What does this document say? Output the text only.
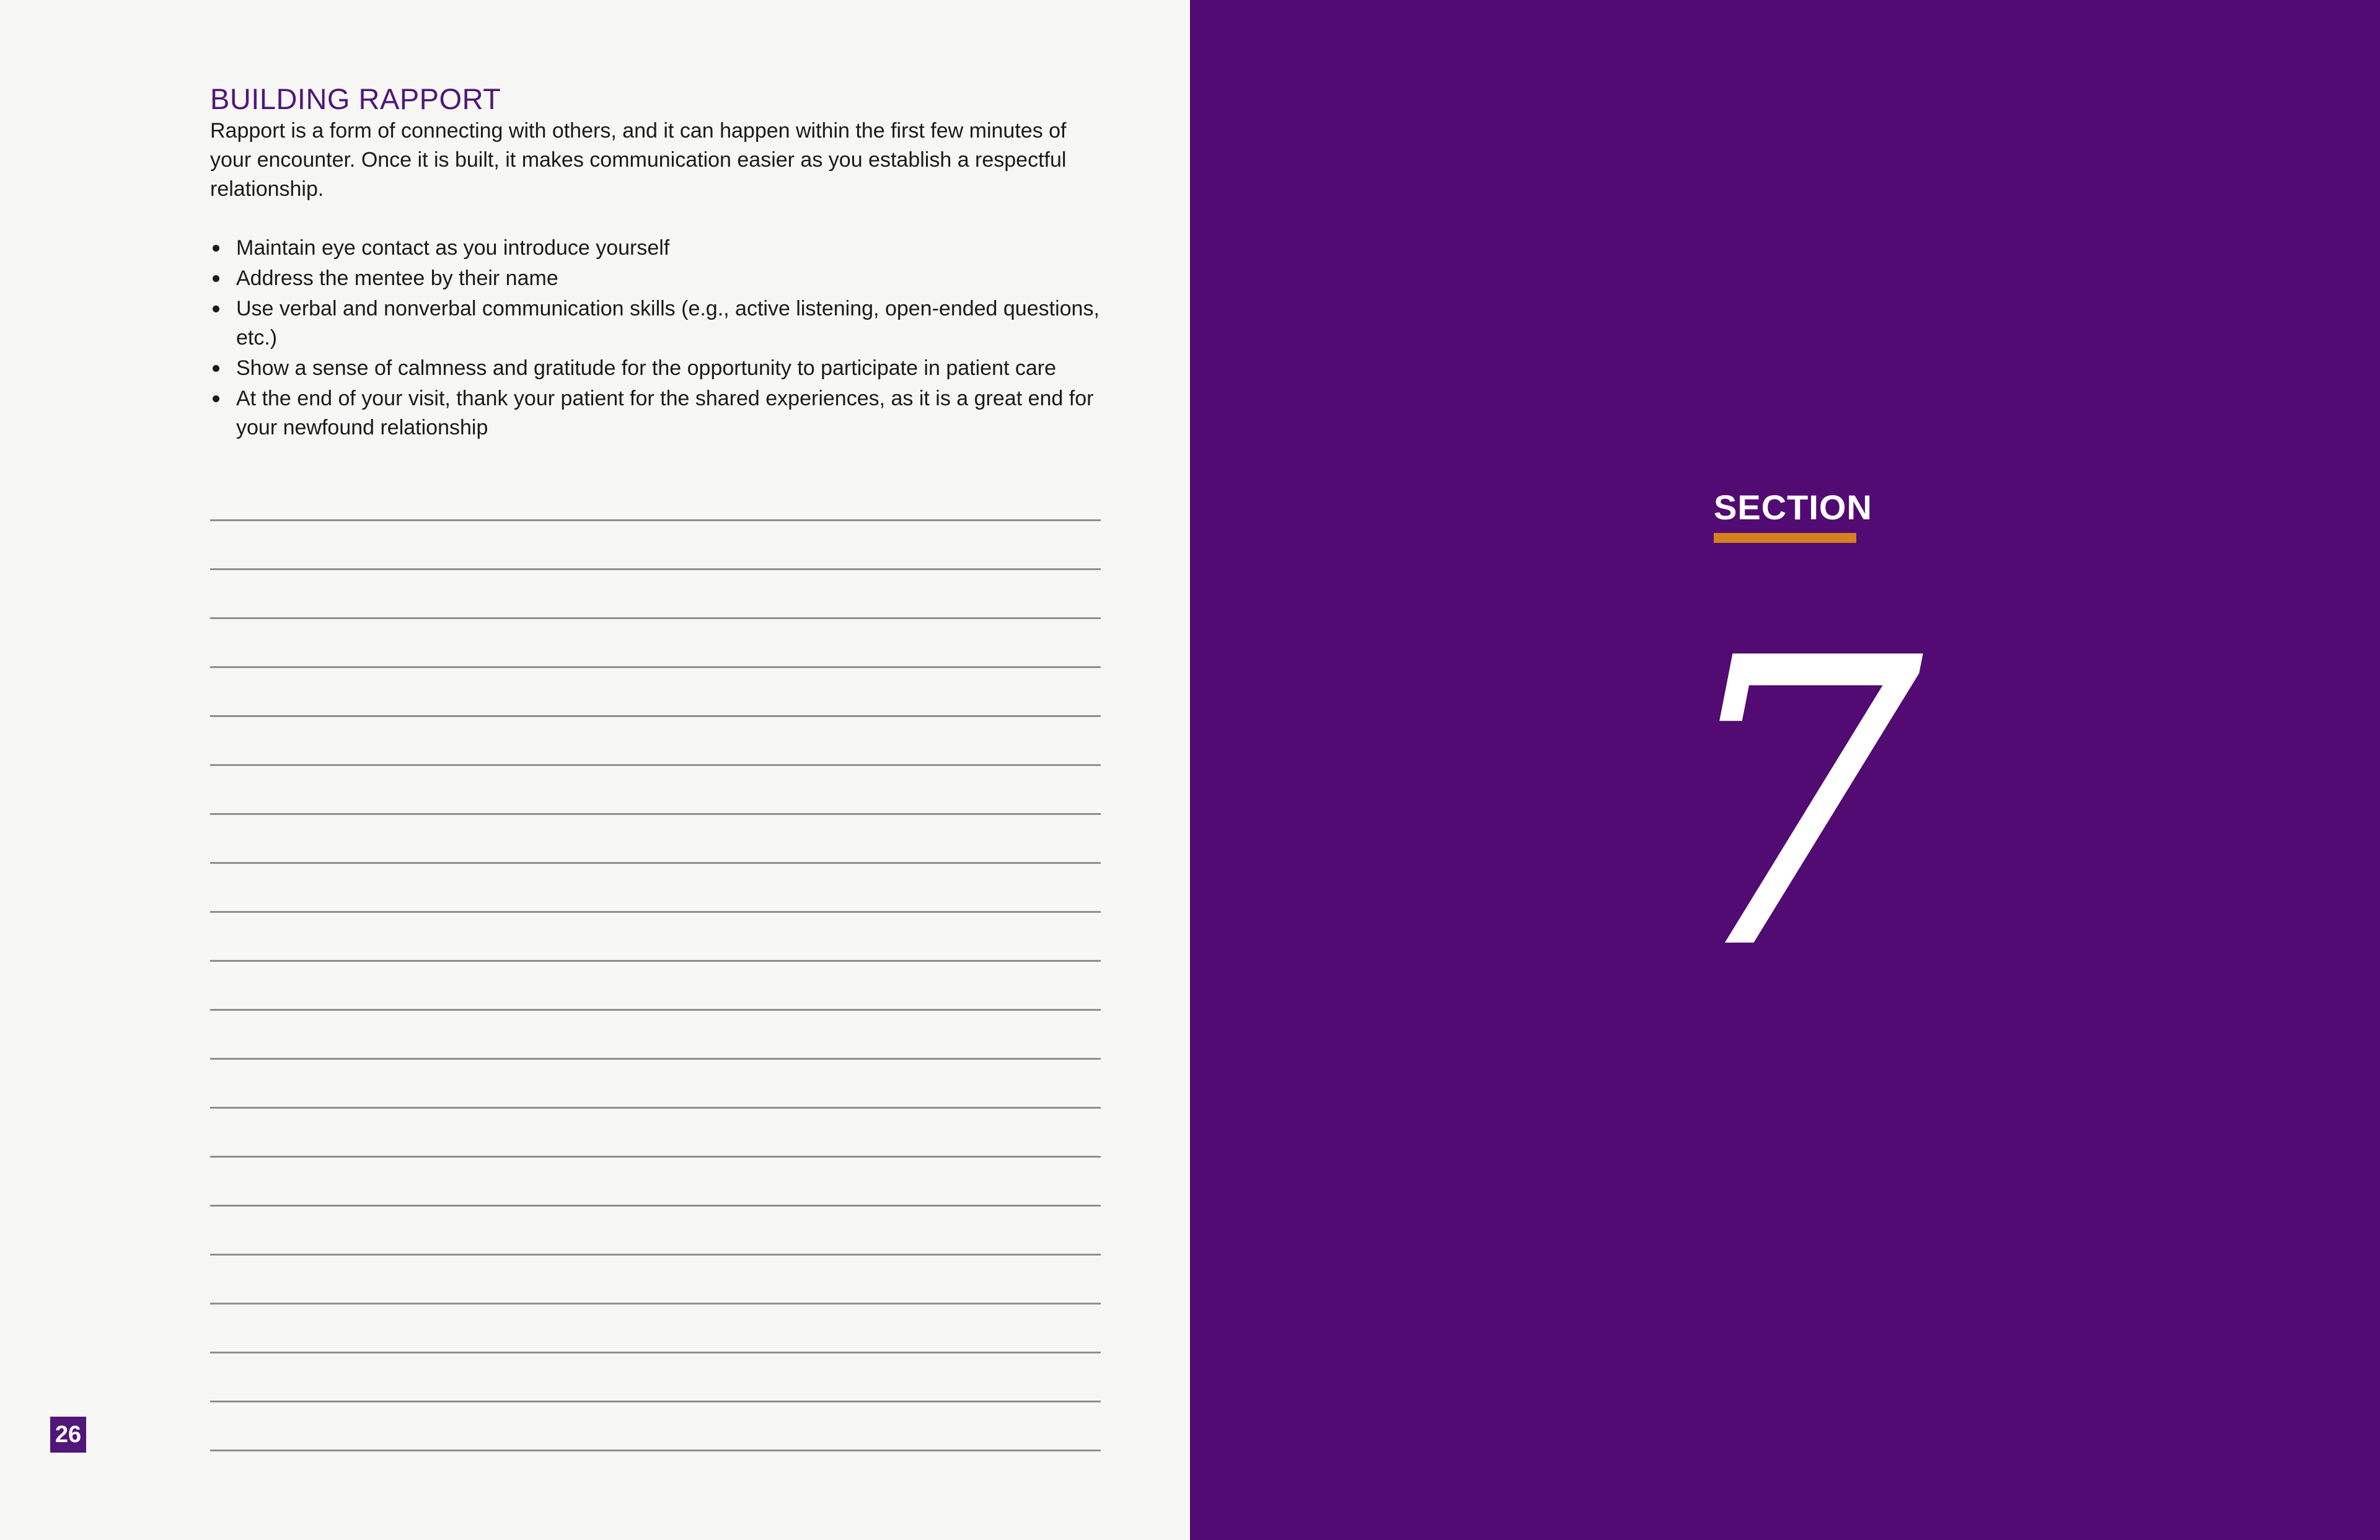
BUILDING RAPPORT

Rapport is a form of connecting with others, and it can happen within the first few minutes of your encounter. Once it is built, it makes communication easier as you establish a respectful relationship.

Maintain eye contact as you introduce yourself
Address the mentee by their name
Use verbal and nonverbal communication skills (e.g., active listening, open-ended questions, etc.)
Show a sense of calmness and gratitude for the opportunity to participate in patient care
At the end of your visit, thank your patient for the shared experiences, as it is a great end for your newfound relationship
26
SECTION
7
